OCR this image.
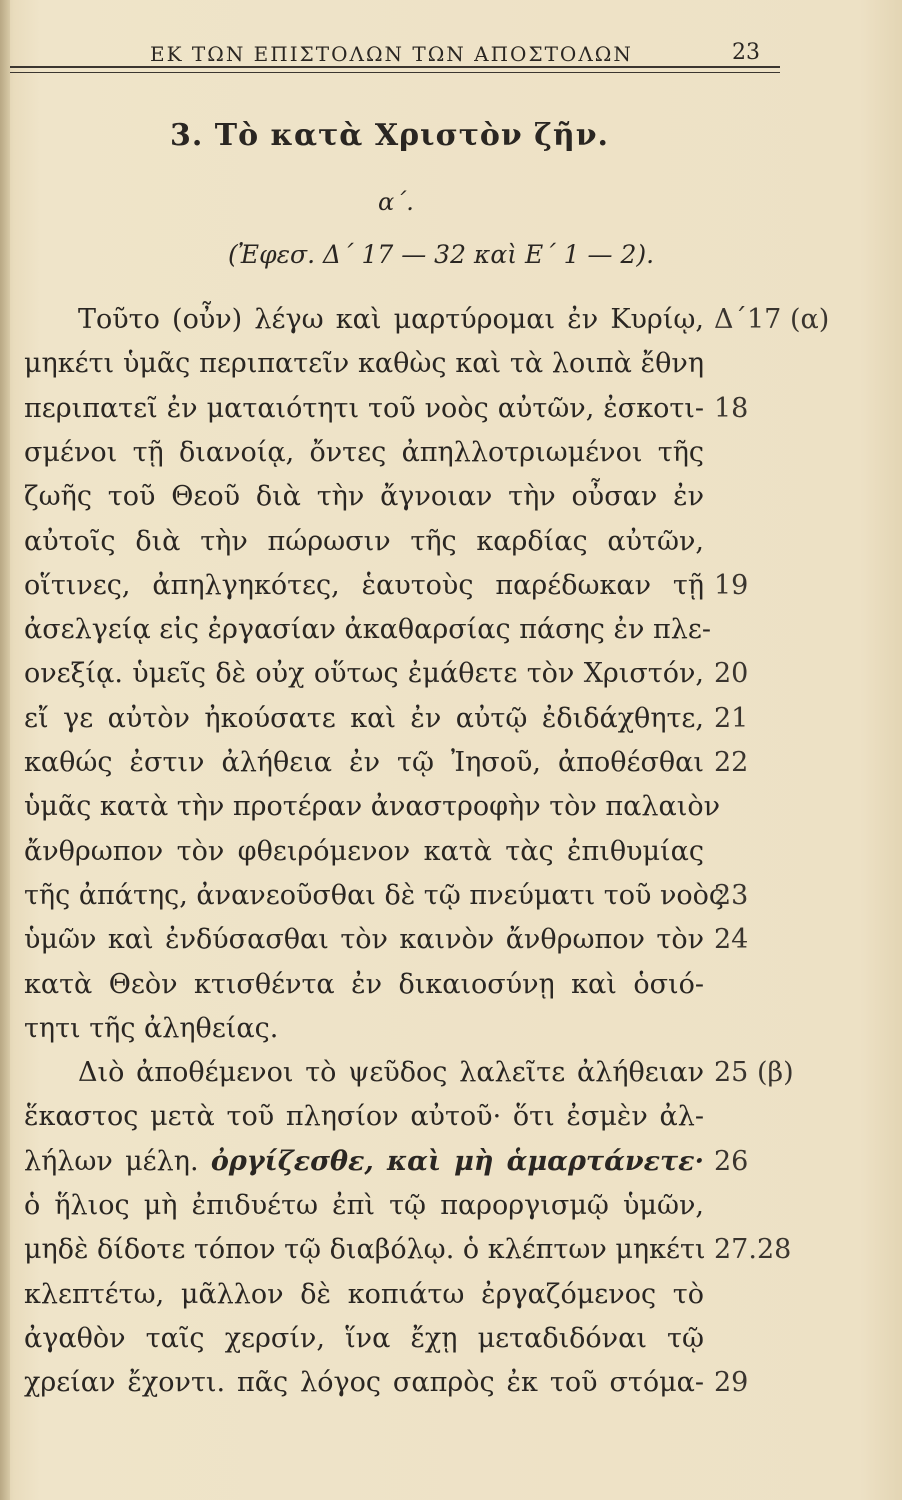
ΕΚ ΤΩΝ ΕΠΙΣΤΟΛΩΝ ΤΩΝ ΑΠΟΣΤΟΛΩΝ	23
3. Τὸ κατὰ Χριστὸν ζῆν.
α΄.
(Ἐφεσ. Δ΄ 17 — 32 καὶ Ε΄ 1 — 2).
Τοῦτο (οὖν) λέγω καὶ μαρτύρομαι ἐν Κυρίῳ, Δ΄17 (α)
μηκέτι ὑμᾶς περιπατεῖν καθὼς καὶ τὰ λοιπὰ ἔθνη
περιπατεῖ ἐν ματαιότητι τοῦ νοὸς αὐτῶν, ἐσκοτι- 18
σμένοι τῇ διανοίᾳ, ὄντες ἀπηλλοτριωμένοι τῆς
ζωῆς τοῦ Θεοῦ διὰ τὴν ἄγνοιαν τὴν οὖσαν ἐν
αὐτοῖς διὰ τὴν πώρωσιν τῆς καρδίας αὐτῶν,
οἵτινες, ἀπηλγηκότες, ἑαυτοὺς παρέδωκαν τῇ 19
ἀσελγείᾳ εἰς ἐργασίαν ἀκαθαρσίας πάσης ἐν πλε-
ονεξίᾳ. ὑμεῖς δὲ οὐχ οὕτως ἐμάθετε τὸν Χριστόν, 20
εἴ γε αὐτὸν ἠκούσατε καὶ ἐν αὐτῷ ἐδιδάχθητε, 21
καθώς ἐστιν ἀλήθεια ἐν τῷ Ἰησοῦ, ἀποθέσθαι 22
ὑμᾶς κατὰ τὴν προτέραν ἀναστροφὴν τὸν παλαιὸν
ἄνθρωπον τὸν φθειρόμενον κατὰ τὰς ἐπιθυμίας
τῆς ἀπάτης, ἀνανεοῦσθαι δὲ τῷ πνεύματι τοῦ νοὸς
23
ὑμῶν καὶ ἐνδύσασθαι τὸν καινὸν ἄνθρωπον τὸν 24
κατὰ Θεὸν κτισθέντα ἐν δικαιοσύνῃ καὶ ὁσιό-
τητι τῆς ἀληθείας.
Διὸ ἀποθέμενοι τὸ ψεῦδος λαλεῖτε ἀλήθειαν 25 (β)
ἕκαστος μετὰ τοῦ πλησίον αὐτοῦ· ὅτι ἐσμὲν ἀλ-
λήλων μέλη. ὀργίζεσθε, καὶ μὴ ἁμαρτάνετε· 26
ὁ ἥλιος μὴ ἐπιδυέτω ἐπὶ τῷ παροργισμῷ ὑμῶν,
μηδὲ δίδοτε τόπον τῷ διαβόλῳ. ὁ κλέπτων μηκέτι 27.28
κλεπτέτω, μᾶλλον δὲ κοπιάτω ἐργαζόμενος τὸ
ἀγαθὸν ταῖς χερσίν, ἵνα ἔχῃ μεταδιδόναι τῷ
χρείαν ἔχοντι. πᾶς λόγος σαπρὸς ἐκ τοῦ στόμα- 29
